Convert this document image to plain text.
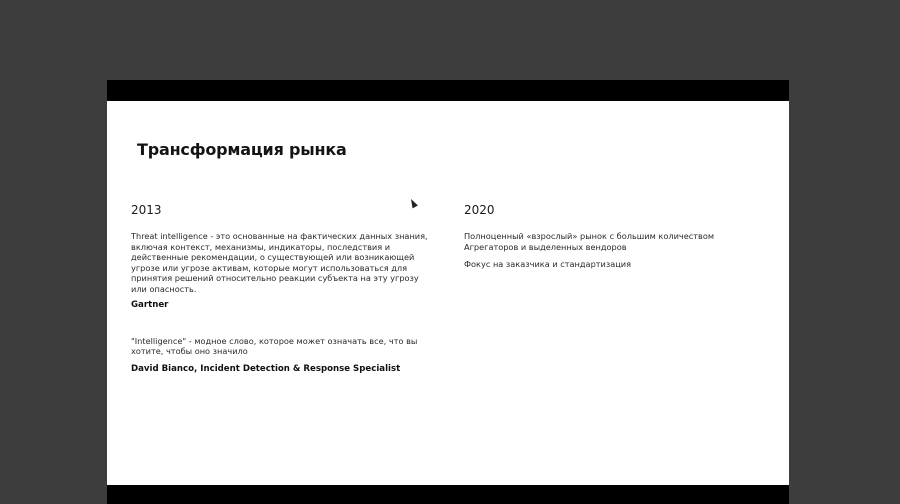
Трансформация рынка

2013

Threat intelligence - это основанные на фактических данных знания, включая контекст, механизмы, индикаторы, последствия и действенные рекомендации, о существующей или возникающей угрозе или угрозе активам, которые могут использоваться для принятия решений относительно реакции субъекта на эту угрозу или опасность.

Gartner

"Intelligence" - модное слово, которое может означать все, что вы хотите, чтобы оно значило

David Bianco, Incident Detection & Response Specialist

2020

Полноценный «взрослый» рынок с большим количеством Агрегаторов и выделенных вендоров

Фокус на заказчика и стандартизация
